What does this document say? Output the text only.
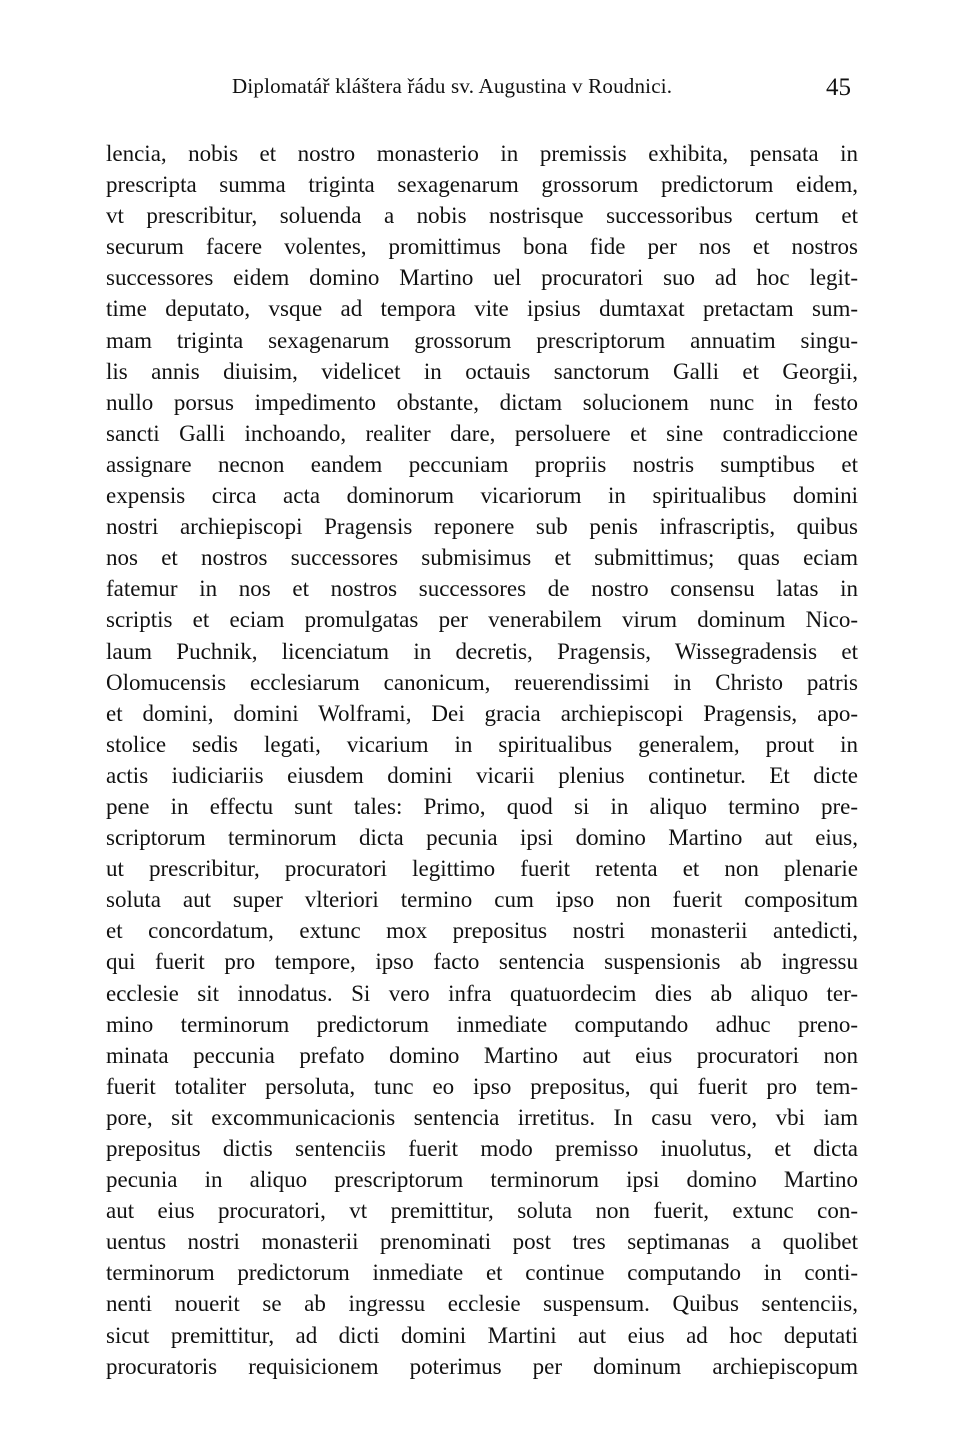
Diplomatář kláštera řádu sv. Augustina v Roudnici.	45
lencia, nobis et nostro monasterio in premissis exhibita, pensata in
prescripta summa triginta sexagenarum grossorum predictorum eidem,
vt prescribitur, soluenda a nobis nostrisque successoribus certum et
securum facere volentes, promittimus bona fide per nos et nostros
successores eidem domino Martino uel procuratori suo ad hoc legit-
time deputato, vsque ad tempora vite ipsius dumtaxat pretactam sum-
mam triginta sexagenarum grossorum prescriptorum annuatim singu-
lis annis diuisim, videlicet in octauis sanctorum Galli et Georgii,
nullo porsus impedimento obstante, dictam solucionem nunc in festo
sancti Galli inchoando, realiter dare, persoluere et sine contradiccione
assignare necnon eandem peccuniam propriis nostris sumptibus et
expensis circa acta dominorum vicariorum in spiritualibus domini
nostri archiepiscopi Pragensis reponere sub penis infrascriptis, quibus
nos et nostros successores submisimus et submittimus; quas eciam
fatemur in nos et nostros successores de nostro consensu latas in
scriptis et eciam promulgatas per venerabilem virum dominum Nico-
laum Puchnik, licenciatum in decretis, Pragensis, Wissegradensis et
Olomucensis ecclesiarum canonicum, reuerendissimi in Christo patris
et domini, domini Wolframi, Dei gracia archiepiscopi Pragensis, apo-
stolice sedis legati, vicarium in spiritualibus generalem, prout in
actis iudiciariis eiusdem domini vicarii plenius continetur. Et dicte
pene in effectu sunt tales: Primo, quod si in aliquo termino pre-
scriptorum terminorum dicta pecunia ipsi domino Martino aut eius,
ut prescribitur, procuratori legittimo fuerit retenta et non plenarie
soluta aut super vlteriori termino cum ipso non fuerit compositum
et concordatum, extunc mox prepositus nostri monasterii antedicti,
qui fuerit pro tempore, ipso facto sentencia suspensionis ab ingressu
ecclesie sit innodatus. Si vero infra quatuordecim dies ab aliquo ter-
mino terminorum predictorum inmediate computando adhuc preno-
minata peccunia prefato domino Martino aut eius procuratori non
fuerit totaliter persoluta, tunc eo ipso prepositus, qui fuerit pro tem-
pore, sit excommunicacionis sentencia irretitus. In casu vero, vbi iam
prepositus dictis sentenciis fuerit modo premisso inuolutus, et dicta
pecunia in aliquo prescriptorum terminorum ipsi domino Martino
aut eius procuratori, vt premittitur, soluta non fuerit, extunc con-
uentus nostri monasterii prenominati post tres septimanas a quolibet
terminorum predictorum inmediate et continue computando in conti-
nenti nouerit se ab ingressu ecclesie suspensum. Quibus sentenciis,
sicut premittitur, ad dicti domini Martini aut eius ad hoc deputati
procuratoris requisicionem poterimus per dominum archiepiscopum
